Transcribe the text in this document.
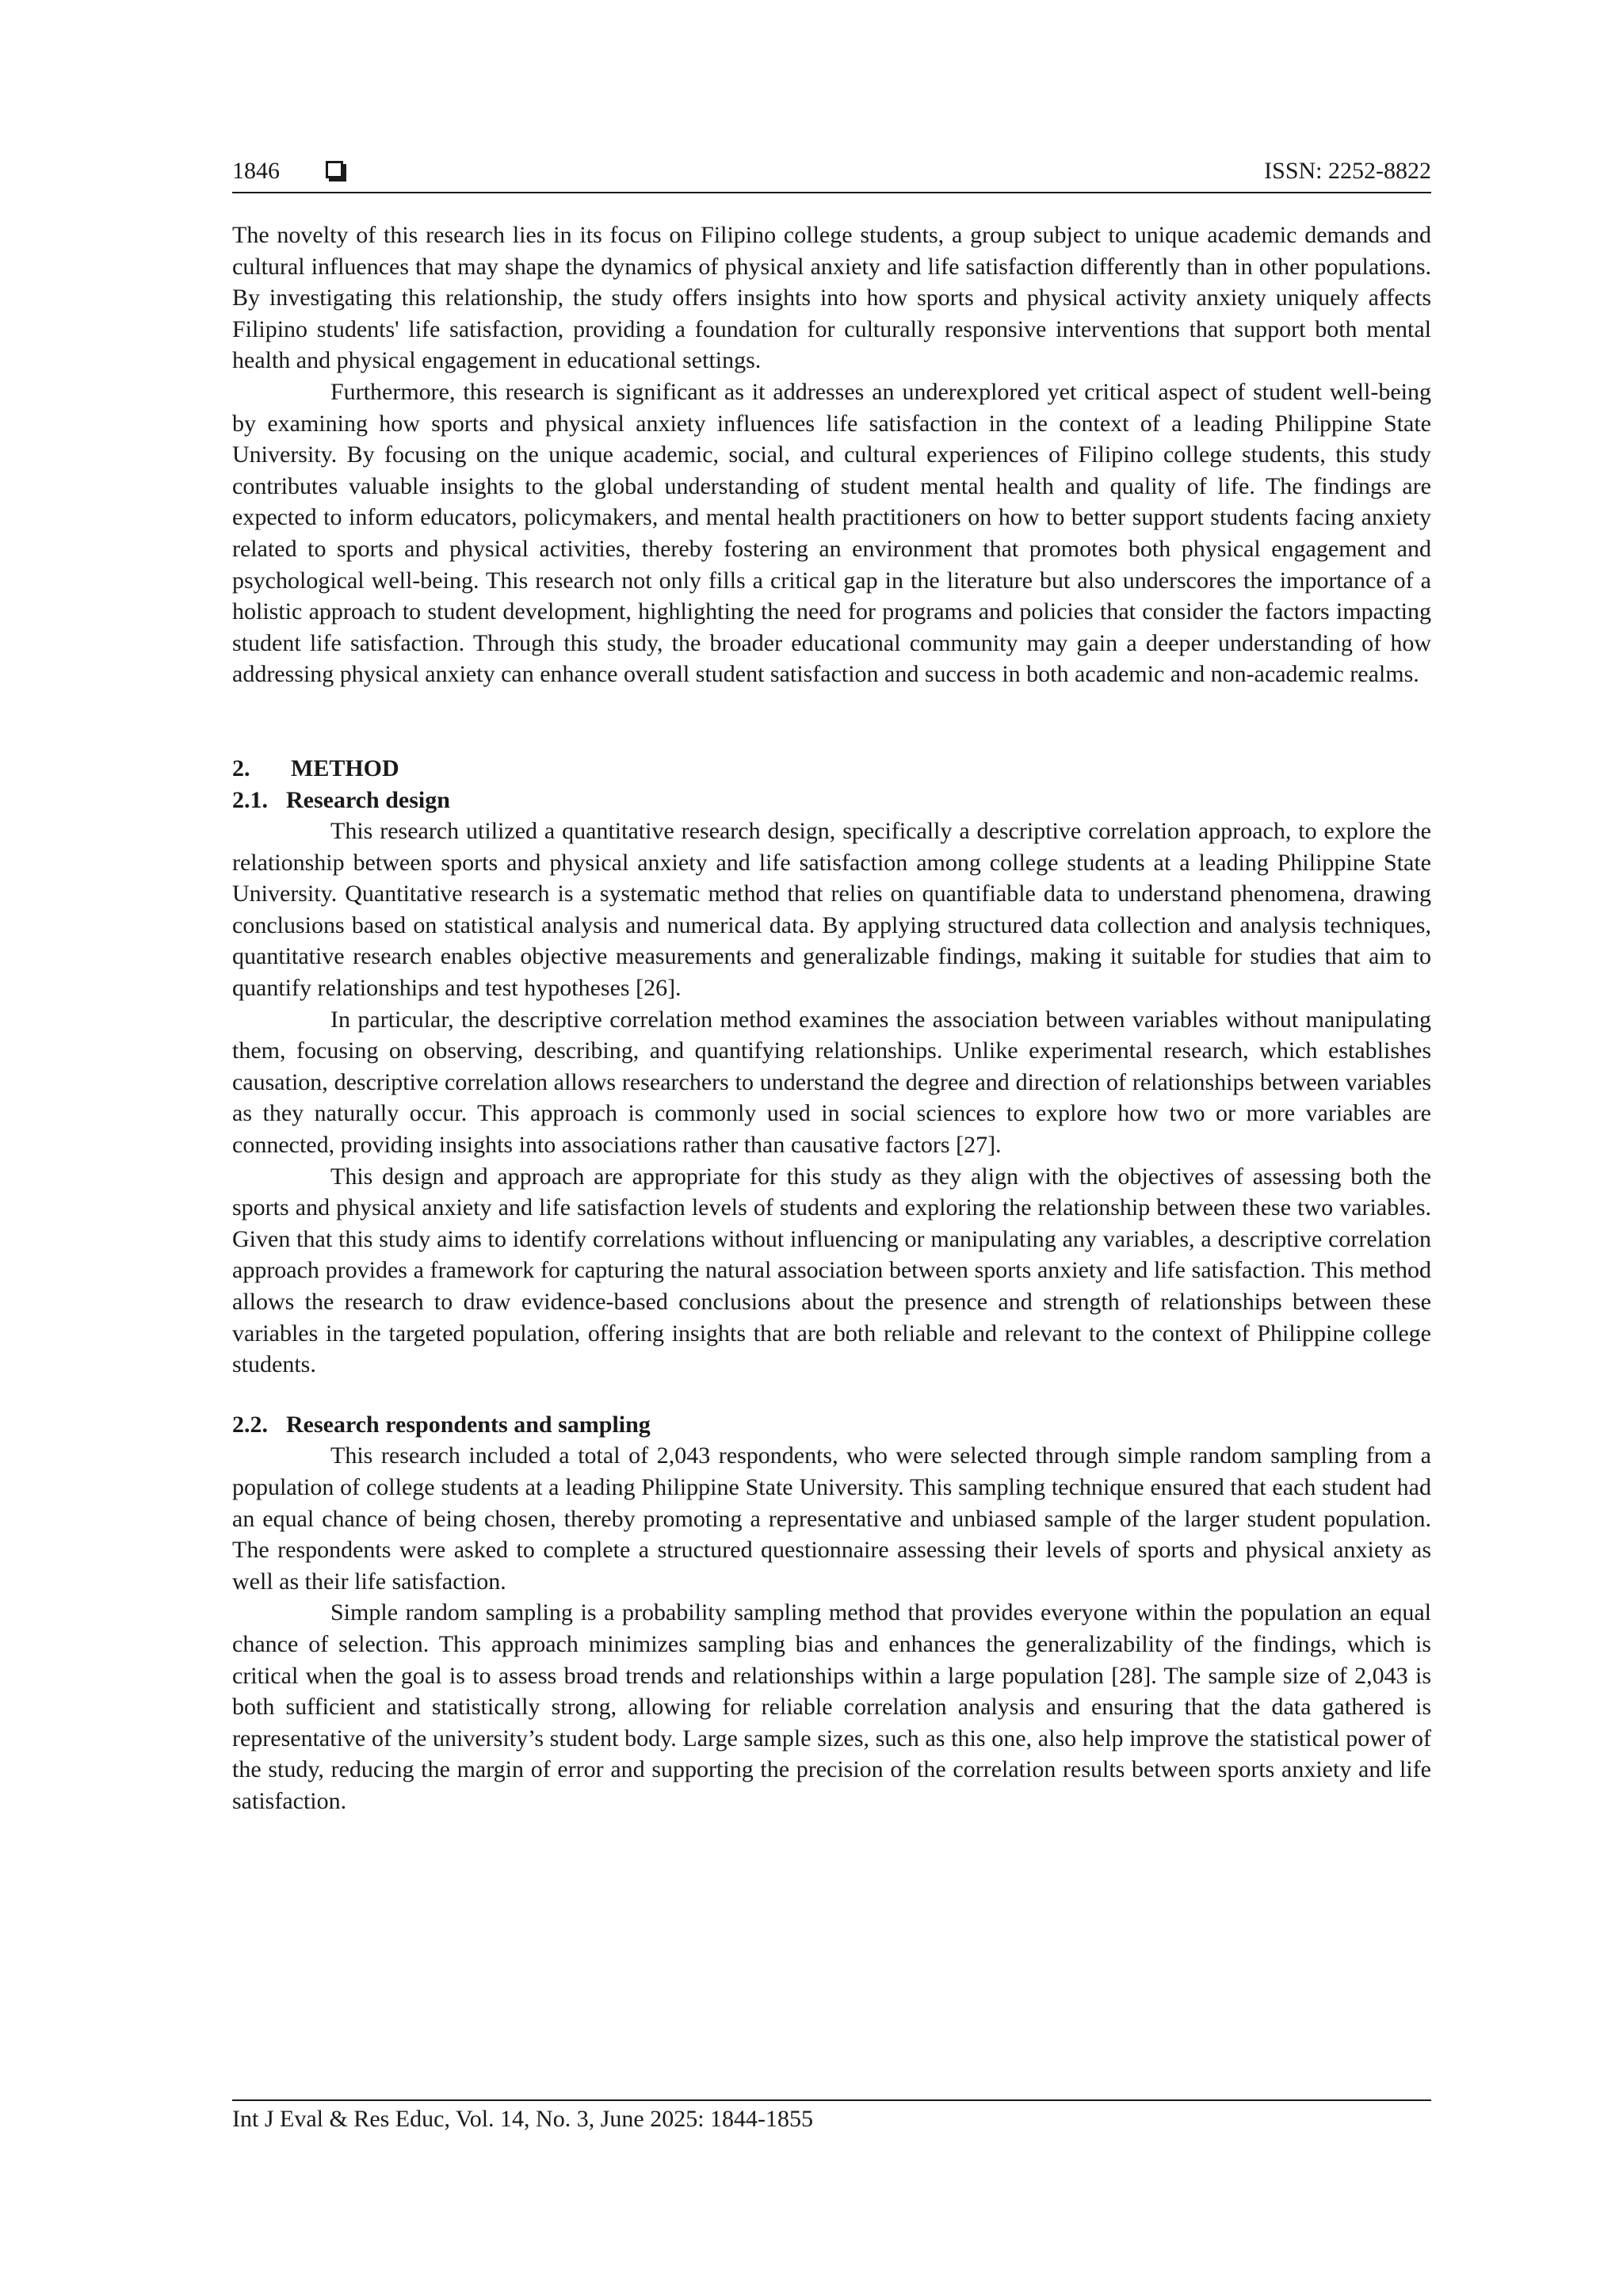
1846	ISSN: 2252-8822

The novelty of this research lies in its focus on Filipino college students, a group subject to unique academic demands and cultural influences that may shape the dynamics of physical anxiety and life satisfaction differently than in other populations. By investigating this relationship, the study offers insights into how sports and physical activity anxiety uniquely affects Filipino students' life satisfaction, providing a foundation for culturally responsive interventions that support both mental health and physical engagement in educational settings.

Furthermore, this research is significant as it addresses an underexplored yet critical aspect of student well-being by examining how sports and physical anxiety influences life satisfaction in the context of a leading Philippine State University. By focusing on the unique academic, social, and cultural experiences of Filipino college students, this study contributes valuable insights to the global understanding of student mental health and quality of life. The findings are expected to inform educators, policymakers, and mental health practitioners on how to better support students facing anxiety related to sports and physical activities, thereby fostering an environment that promotes both physical engagement and psychological well-being. This research not only fills a critical gap in the literature but also underscores the importance of a holistic approach to student development, highlighting the need for programs and policies that consider the factors impacting student life satisfaction. Through this study, the broader educational community may gain a deeper understanding of how addressing physical anxiety can enhance overall student satisfaction and success in both academic and non-academic realms.

2. METHOD
2.1. Research design

This research utilized a quantitative research design, specifically a descriptive correlation approach, to explore the relationship between sports and physical anxiety and life satisfaction among college students at a leading Philippine State University. Quantitative research is a systematic method that relies on quantifiable data to understand phenomena, drawing conclusions based on statistical analysis and numerical data. By applying structured data collection and analysis techniques, quantitative research enables objective measurements and generalizable findings, making it suitable for studies that aim to quantify relationships and test hypotheses [26].

In particular, the descriptive correlation method examines the association between variables without manipulating them, focusing on observing, describing, and quantifying relationships. Unlike experimental research, which establishes causation, descriptive correlation allows researchers to understand the degree and direction of relationships between variables as they naturally occur. This approach is commonly used in social sciences to explore how two or more variables are connected, providing insights into associations rather than causative factors [27].

This design and approach are appropriate for this study as they align with the objectives of assessing both the sports and physical anxiety and life satisfaction levels of students and exploring the relationship between these two variables. Given that this study aims to identify correlations without influencing or manipulating any variables, a descriptive correlation approach provides a framework for capturing the natural association between sports anxiety and life satisfaction. This method allows the research to draw evidence-based conclusions about the presence and strength of relationships between these variables in the targeted population, offering insights that are both reliable and relevant to the context of Philippine college students.

2.2. Research respondents and sampling

This research included a total of 2,043 respondents, who were selected through simple random sampling from a population of college students at a leading Philippine State University. This sampling technique ensured that each student had an equal chance of being chosen, thereby promoting a representative and unbiased sample of the larger student population. The respondents were asked to complete a structured questionnaire assessing their levels of sports and physical anxiety as well as their life satisfaction.

Simple random sampling is a probability sampling method that provides everyone within the population an equal chance of selection. This approach minimizes sampling bias and enhances the generalizability of the findings, which is critical when the goal is to assess broad trends and relationships within a large population [28]. The sample size of 2,043 is both sufficient and statistically strong, allowing for reliable correlation analysis and ensuring that the data gathered is representative of the university’s student body. Large sample sizes, such as this one, also help improve the statistical power of the study, reducing the margin of error and supporting the precision of the correlation results between sports anxiety and life satisfaction.

Int J Eval & Res Educ, Vol. 14, No. 3, June 2025: 1844-1855
